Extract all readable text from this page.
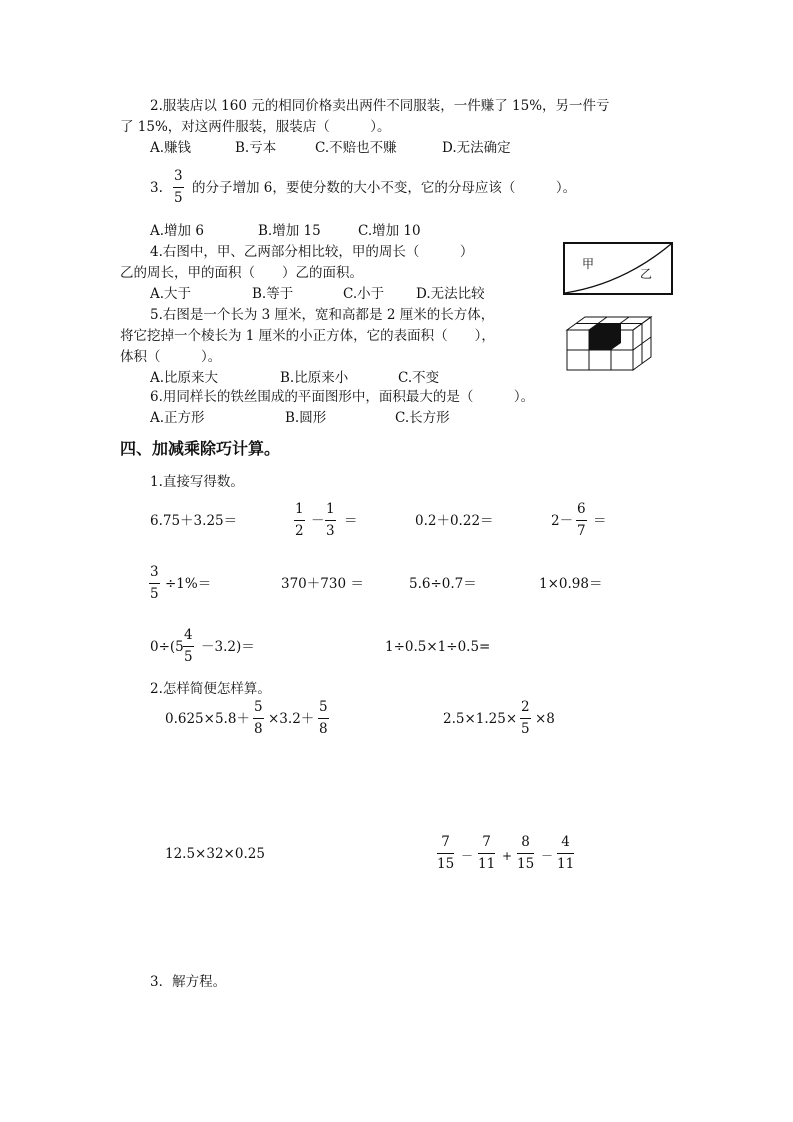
2.服装店以 160 元的相同价格卖出两件不同服装，一件赚了 15%，另一件亏
了 15%，对这两件服装，服装店（　　　）。
A.赚钱	B.亏本	C.不赔也不赚	D.无法确定
3.
3
5
的分子增加 6，要使分数的大小不变，它的分母应该（　　　）。
A.增加 6	B.增加 15	C.增加 10
4.右图中，甲、乙两部分相比较，甲的周长（　　　）
乙的周长，甲的面积（　　）乙的面积。
A.大于	B.等于	C.小于 D.无法比较
甲
乙
5.右图是一个长为 3 厘米，宽和高都是 2 厘米的长方体，
将它挖掉一个棱长为 1 厘米的小正方体，它的表面积（　　），
体积（　　　）。
A.比原来大	B.比原来小	C.不变
6.用同样长的铁丝围成的平面图形中，面积最大的是（　　　）。
A.正方形	B.圆形	C.长方形
四、加减乘除巧计算。
1.直接写得数。
6.75＋3.25＝
1
2
－
1
3
＝	0.2＋0.22＝	2－
6
7
＝
3
5
÷1%＝	370＋730 ＝	5.6÷0.7＝	1×0.98＝
0÷(5
4
5
－3.2)＝	1÷0.5×1÷0.5=
2.怎样简便怎样算。
0.625×5.8＋
5
8
×3.2＋
5
8
2.5×1.25×
2
5
×8
12.5×32×0.25
7
15 －
7
11 +
8
15 －
4
11
3．解方程。
